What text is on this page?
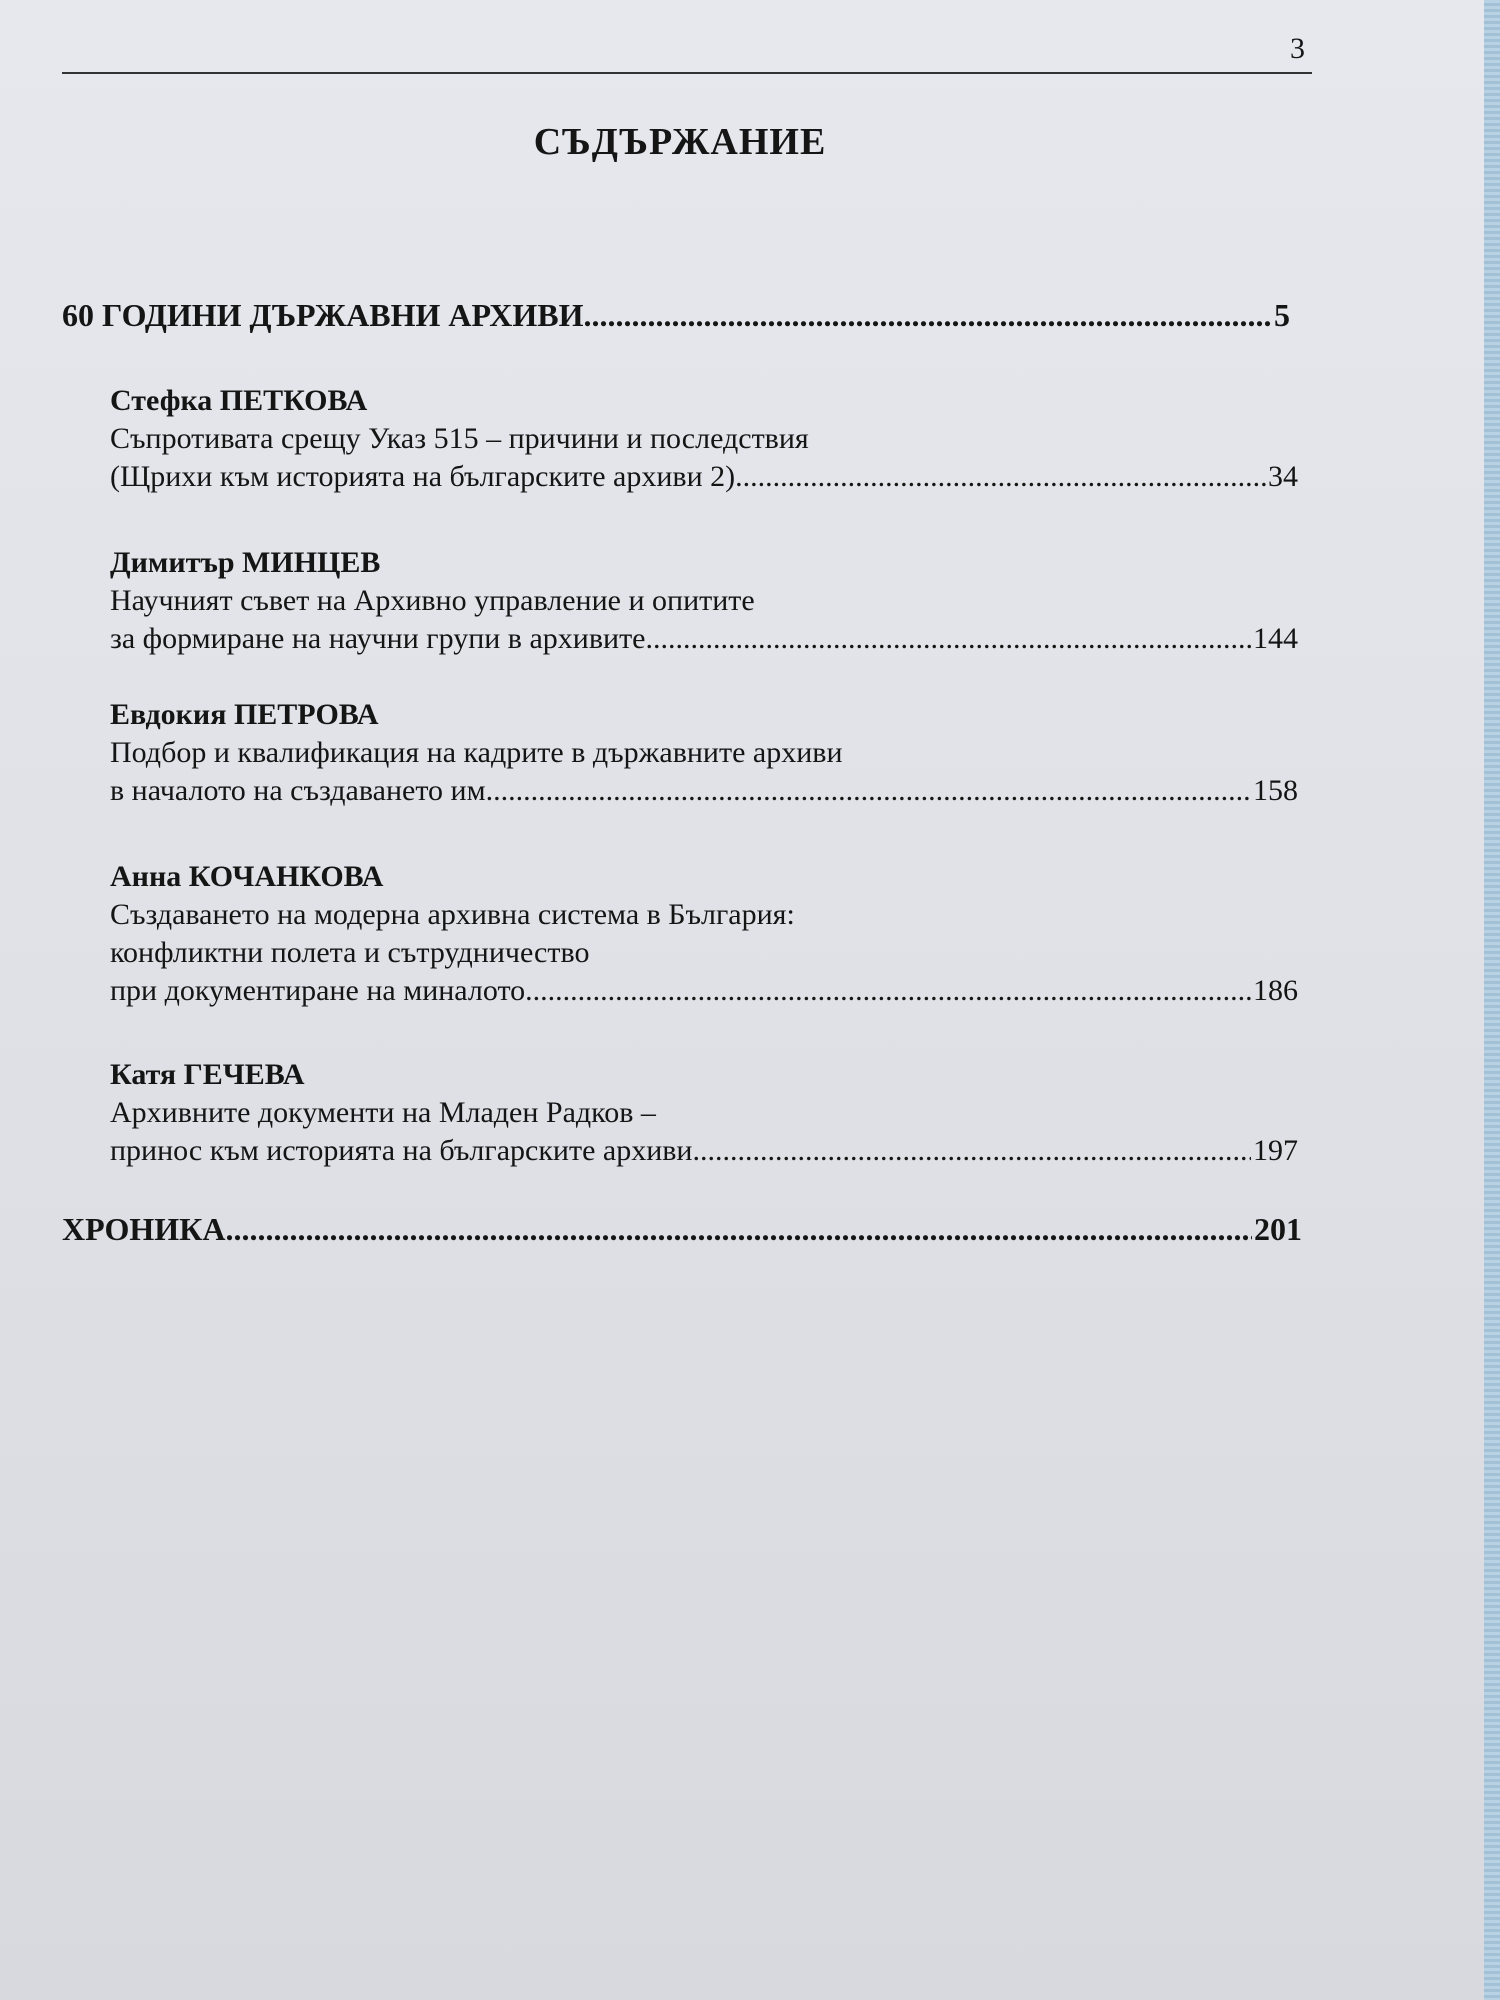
3
СЪДЪРЖАНИЕ
60 ГОДИНИ ДЪРЖАВНИ АРХИВИ .....	5
Стефка ПЕТКОВА
Съпротивата срещу Указ 515 – причини и последствия
(Щрихи към историята на българските архиви 2) .....	34
Димитър МИНЦЕВ
Научният съвет на Архивно управление и опитите
за формиране на научни групи в архивите .....	144
Евдокия ПЕТРОВА
Подбор и квалификация на кадрите в държавните архиви
в началото на създаването им .....	158
Анна КОЧАНКОВА
Създаването на модерна архивна система в България:
конфликтни полета и сътрудничество
при документиране на миналото .....	186
Катя ГЕЧЕВА
Архивните документи на Младен Радков –
принос към историята на българските архиви .....	197
ХРОНИКА .....	201
